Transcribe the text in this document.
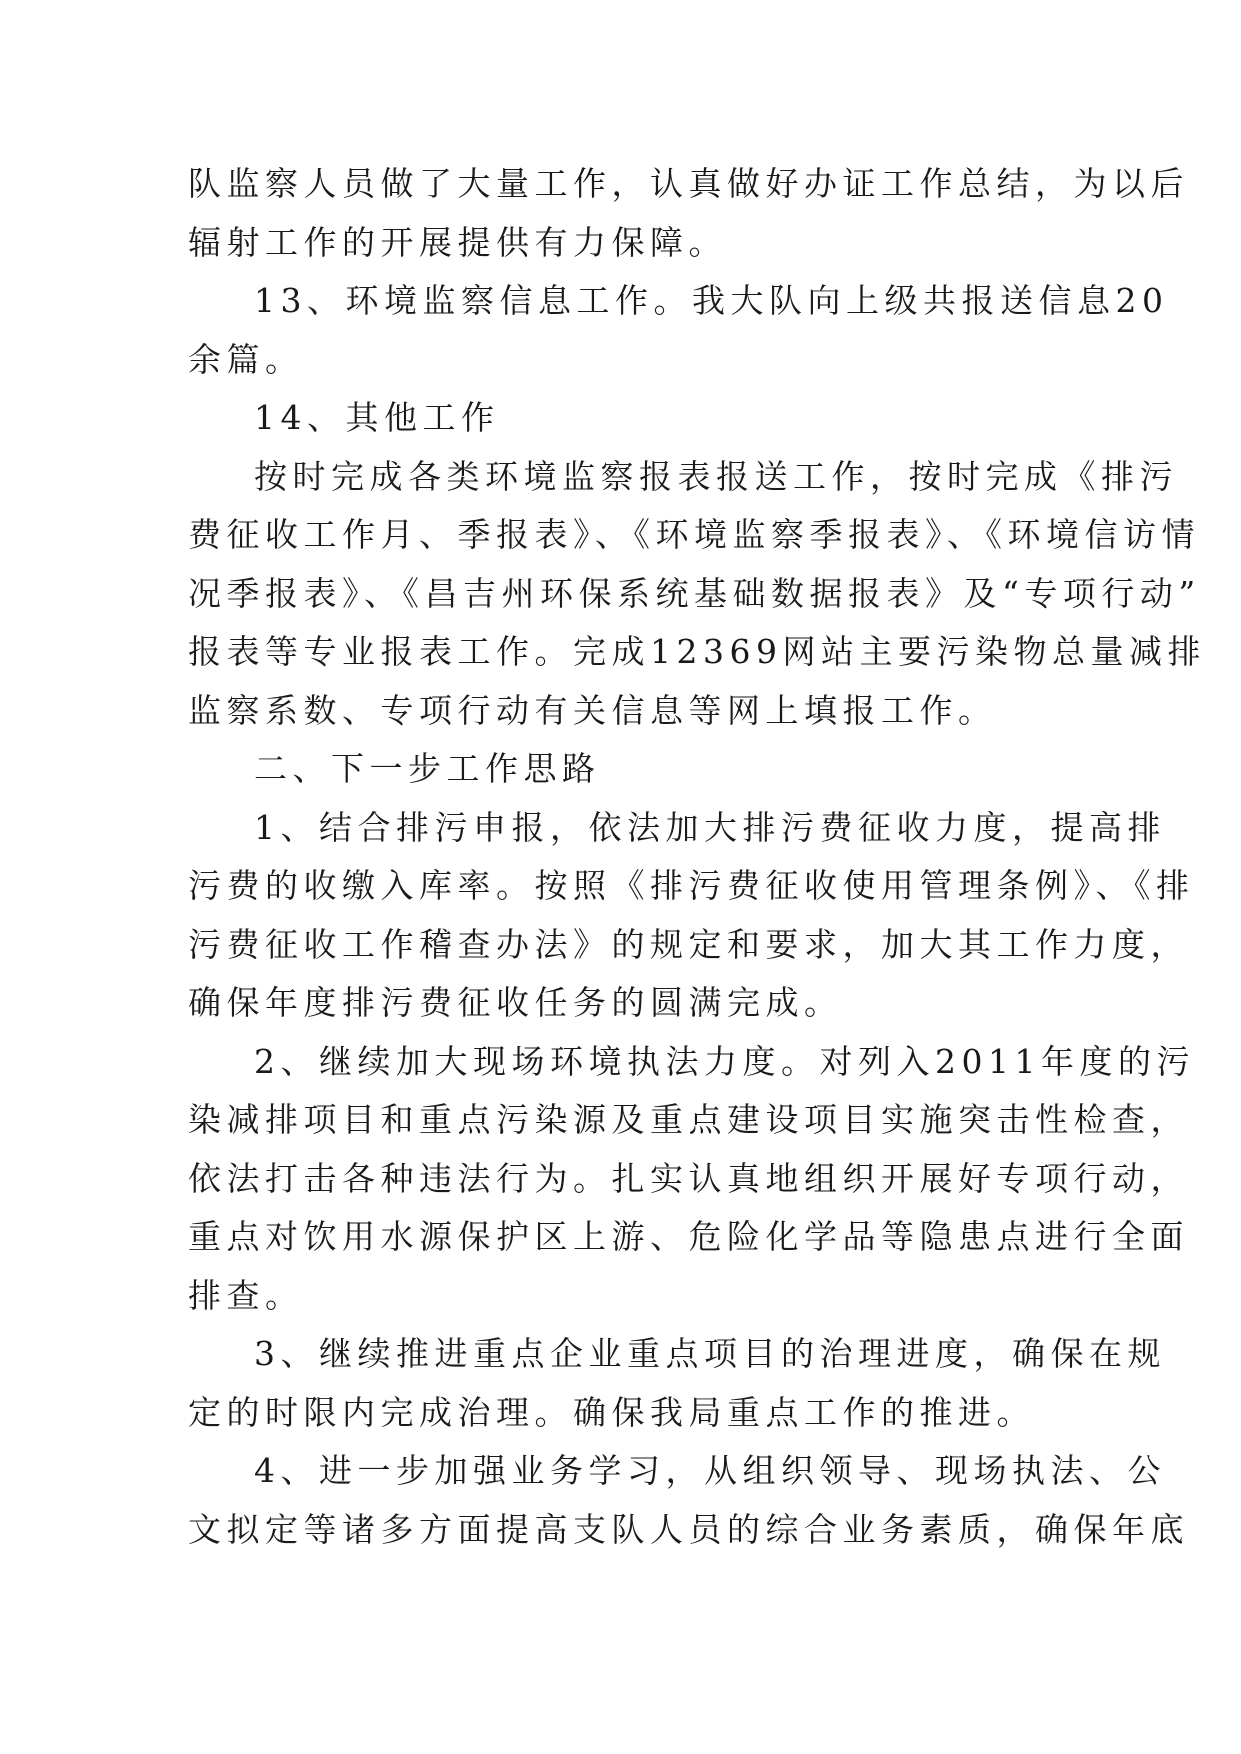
队监察人员做了大量工作，认真做好办证工作总结，为以后
辐射工作的开展提供有力保障。
13、环境监察信息工作。我大队向上级共报送信息20
余篇。
14、其他工作
按时完成各类环境监察报表报送工作，按时完成《排污
费征收工作月、季报表》、《环境监察季报表》、《环境信访情
况季报表》、《昌吉州环保系统基础数据报表》及“专项行动”
报表等专业报表工作。完成12369网站主要污染物总量减排
监察系数、专项行动有关信息等网上填报工作。
二、下一步工作思路
1、结合排污申报，依法加大排污费征收力度，提高排
污费的收缴入库率。按照《排污费征收使用管理条例》、《排
污费征收工作稽查办法》的规定和要求，加大其工作力度，
确保年度排污费征收任务的圆满完成。
2、继续加大现场环境执法力度。对列入2011年度的污
染减排项目和重点污染源及重点建设项目实施突击性检查，
依法打击各种违法行为。扎实认真地组织开展好专项行动，
重点对饮用水源保护区上游、危险化学品等隐患点进行全面
排查。
3、继续推进重点企业重点项目的治理进度，确保在规
定的时限内完成治理。确保我局重点工作的推进。
4、进一步加强业务学习，从组织领导、现场执法、公
文拟定等诸多方面提高支队人员的综合业务素质，确保年底
